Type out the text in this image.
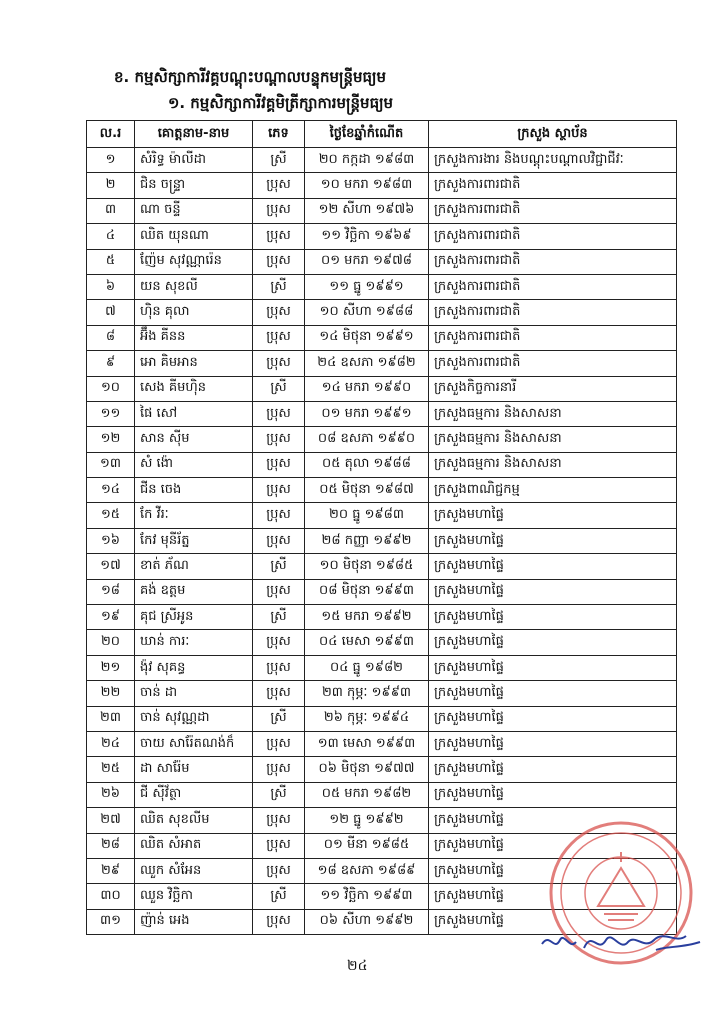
ខ. កម្មសិក្សាការីវគ្គបណ្តុះបណ្តាលបន្ទុកមន្ត្រីមធ្យម
១. កម្មសិក្សាការីវគ្គមិត្រីក្សាការមន្ត្រីមធ្យម
ល.រ	គោត្តនាម-នាម	ភេទ	ថ្ងៃខែឆ្នាំកំណើត	ក្រសួង ស្ថាប័ន
១	សំរិទ្ធ ម៉ាលីដា	ស្រី	២០ កក្កដា ១៩៨៣	ក្រសួងការងារ និងបណ្តុះបណ្តាលវិជ្ជាជីវៈ
២	ជិន ចន្ទ្រា	ប្រុស	១០ មករា ១៩៨៣	ក្រសួងការពារជាតិ
៣	ណា ចន្ទី	ប្រុស	១២ សីហា ១៩៧៦	ក្រសួងការពារជាតិ
៤	ឈិត យុនណា	ប្រុស	១១ វិច្ឆិកា ១៩៦៩	ក្រសួងការពារជាតិ
៥	ញ៉ែម សុវណ្ណារ៉េន	ប្រុស	០១ មករា ១៩៧៨	ក្រសួងការពារជាតិ
៦	យន សុខលី	ស្រី	១១ ធ្នូ ១៩៩១	ក្រសួងការពារជាតិ
៧	ហ៊ិន គុលា	ប្រុស	១០ សីហា ១៩៨៨	ក្រសួងការពារជាតិ
៨	អ៊ឹង គីនន	ប្រុស	១៤ មិថុនា ១៩៩១	ក្រសួងការពារជាតិ
៩	អោ គិមអាន	ប្រុស	២៤ ឧសភា ១៩៨២	ក្រសួងការពារជាតិ
១០	សេង គីមហ៊ិន	ស្រី	១៤ មករា ១៩៩០	ក្រសួងកិច្ចការនារី
១១	ផៃ សៅ	ប្រុស	០១ មករា ១៩៩១	ក្រសួងធម្មការ និងសាសនា
១២	សាន ស៊ីម	ប្រុស	០៨ ឧសភា ១៩៩០	ក្រសួងធម្មការ និងសាសនា
១៣	សំ ង៉ោ	ប្រុស	០៥ តុលា ១៩៨៨	ក្រសួងធម្មការ និងសាសនា
១៤	ជីន ចេង	ប្រុស	០៥ មិថុនា ១៩៨៧	ក្រសួងពាណិជ្ជកម្ម
១៥	កែ វីរៈ	ប្រុស	២០ ធ្នូ ១៩៨៣	ក្រសួងមហាផ្ទៃ
១៦	កែវ មុនីរ័ត្ន	ប្រុស	២៨ កញ្ញា ១៩៩២	ក្រសួងមហាផ្ទៃ
១៧	ខាត់ ភ័ណ	ស្រី	១០ មិថុនា ១៩៨៥	ក្រសួងមហាផ្ទៃ
១៨	គង់ ឧត្តម	ប្រុស	០៨ មិថុនា ១៩៩៣	ក្រសួងមហាផ្ទៃ
១៩	គុជ ស្រីអូន	ស្រី	១៥ មករា ១៩៩២	ក្រសួងមហាផ្ទៃ
២០	ឃាន់ ការៈ	ប្រុស	០៤ មេសា ១៩៩៣	ក្រសួងមហាផ្ទៃ
២១	ង៉ុវ សុគន្ធ	ប្រុស	០៤ ធ្នូ ១៩៨២	ក្រសួងមហាផ្ទៃ
២២	ចាន់ ដា	ប្រុស	២៣ កុម្ភៈ ១៩៩៣	ក្រសួងមហាផ្ទៃ
២៣	ចាន់ សុវណ្ណដា	ស្រី	២៦ កុម្ភៈ ១៩៩៤	ក្រសួងមហាផ្ទៃ
២៤	ចាយ សារ៉ែតណង់ក៏	ប្រុស	១៣ មេសា ១៩៩៣	ក្រសួងមហាផ្ទៃ
២៥	ដា សារ៉ែម	ប្រុស	០៦ មិថុនា ១៩៧៧	ក្រសួងមហាផ្ទៃ
២៦	ជី ស៊ីវ័ត្ថា	ស្រី	០៥ មករា ១៩៨២	ក្រសួងមហាផ្ទៃ
២៧	ឈិត សុខលីម	ប្រុស	១២ ធ្នូ ១៩៩២	ក្រសួងមហាផ្ទៃ
២៨	ឈិត សំអាត	ប្រុស	០១ មីនា ១៩៨៥	ក្រសួងមហាផ្ទៃ
២៩	ឈួក សំអែន	ប្រុស	១៨ ឧសភា ១៩៨៩	ក្រសួងមហាផ្ទៃ
៣០	ឈួន វិច្ឆិកា	ស្រី	១១ វិច្ឆិកា ១៩៩៣	ក្រសួងមហាផ្ទៃ
៣១	ញ៉ាន់ អេង	ប្រុស	០៦ សីហា ១៩៩២	ក្រសួងមហាផ្ទៃ
២៤
